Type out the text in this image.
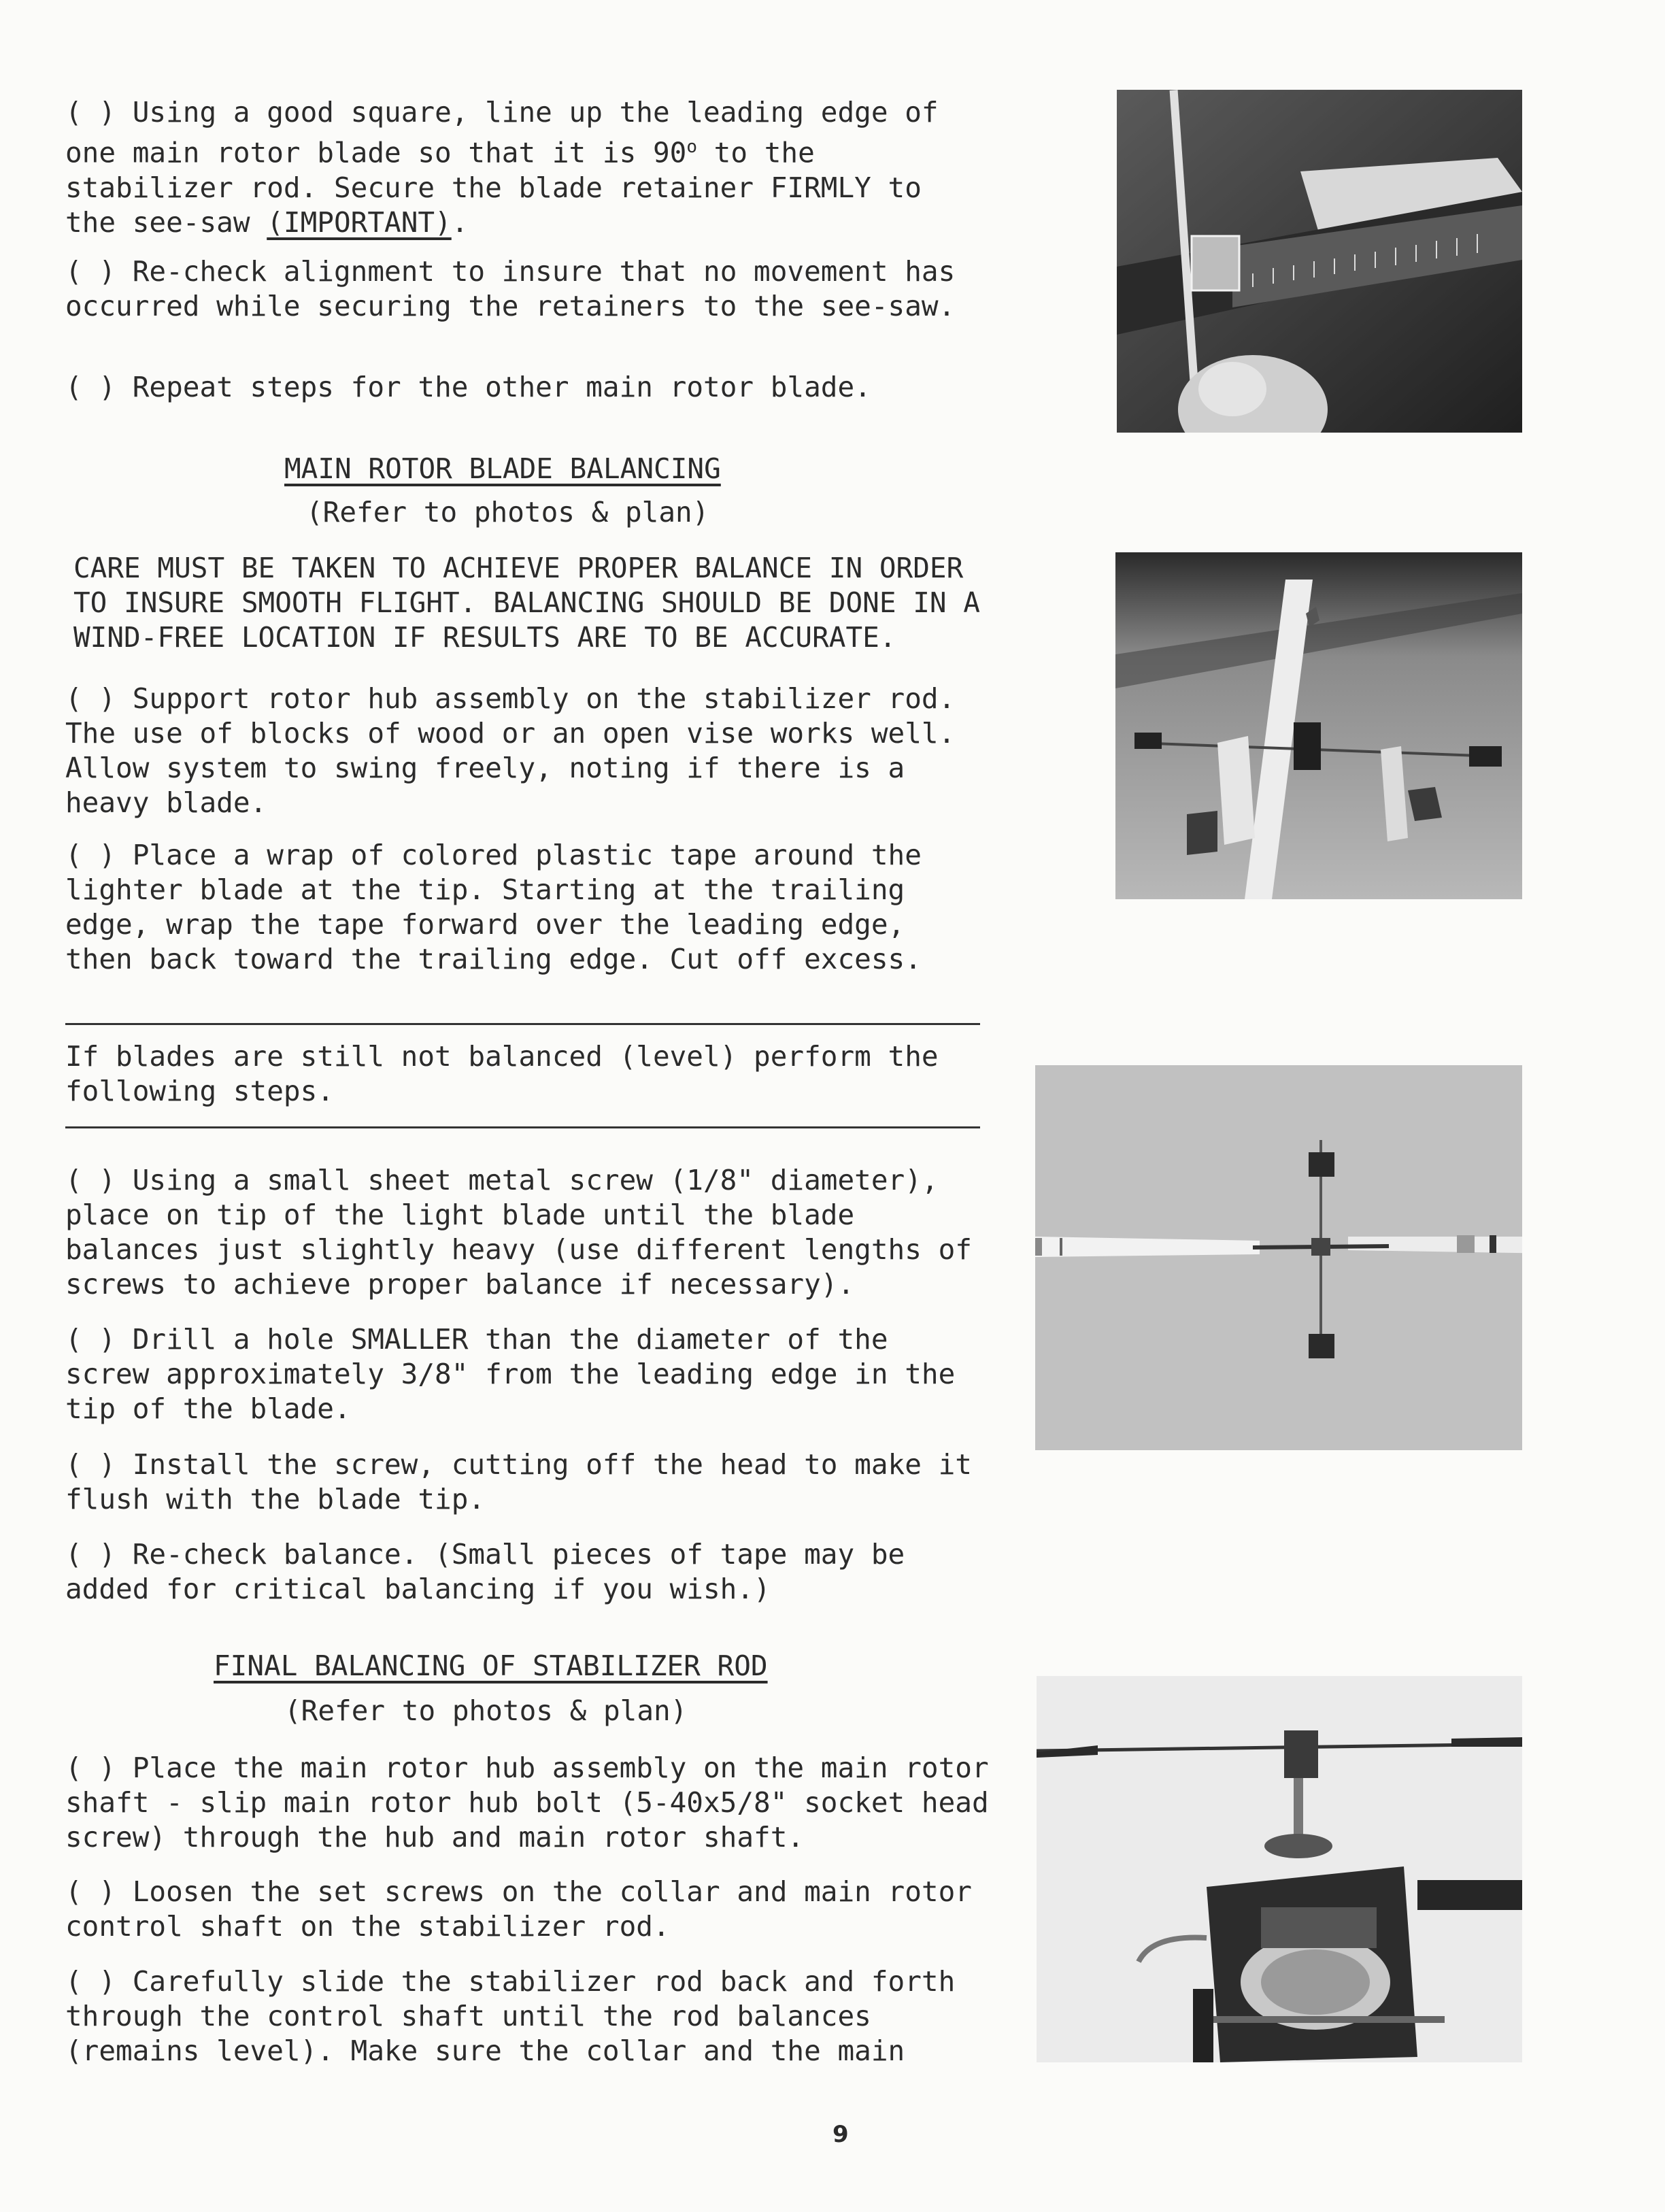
( ) Using a good square, line up the leading edge of one main rotor blade so that it is 90$^o$ to the stabilizer rod. Secure the blade retainer FIRMLY to the see-saw (IMPORTANT).

( ) Re-check alignment to insure that no movement has occurred while securing the retainers to the see-saw.

( ) Repeat steps for the other main rotor blade.

MAIN ROTOR BLADE BALANCING

(Refer to photos & plan)

CARE MUST BE TAKEN TO ACHIEVE PROPER BALANCE IN ORDER TO INSURE SMOOTH FLIGHT. BALANCING SHOULD BE DONE IN A WIND-FREE LOCATION IF RESULTS ARE TO BE ACCURATE.

( ) Support rotor hub assembly on the stabilizer rod. The use of blocks of wood or an open vise works well. Allow system to swing freely, noting if there is a heavy blade.

( ) Place a wrap of colored plastic tape around the lighter blade at the tip. Starting at the trailing edge, wrap the tape forward over the leading edge, then back toward the trailing edge. Cut off excess.

If blades are still not balanced (level) perform the following steps.

( ) Using a small sheet metal screw (1/8" diameter), place on tip of the light blade until the blade balances just slightly heavy (use different lengths of screws to achieve proper balance if necessary).

( ) Drill a hole SMALLER than the diameter of the screw approximately 3/8" from the leading edge in the tip of the blade.

( ) Install the screw, cutting off the head to make it flush with the blade tip.

( ) Re-check balance. (Small pieces of tape may be added for critical balancing if you wish.)

FINAL BALANCING OF STABILIZER ROD

(Refer to photos & plan)

( ) Place the main rotor hub assembly on the main rotor shaft - slip main rotor hub bolt (5-40x5/8" socket head screw) through the hub and main rotor shaft.

( ) Loosen the set screws on the collar and main rotor control shaft on the stabilizer rod.

( ) Carefully slide the stabilizer rod back and forth through the control shaft until the rod balances (remains level). Make sure the collar and the main

9
